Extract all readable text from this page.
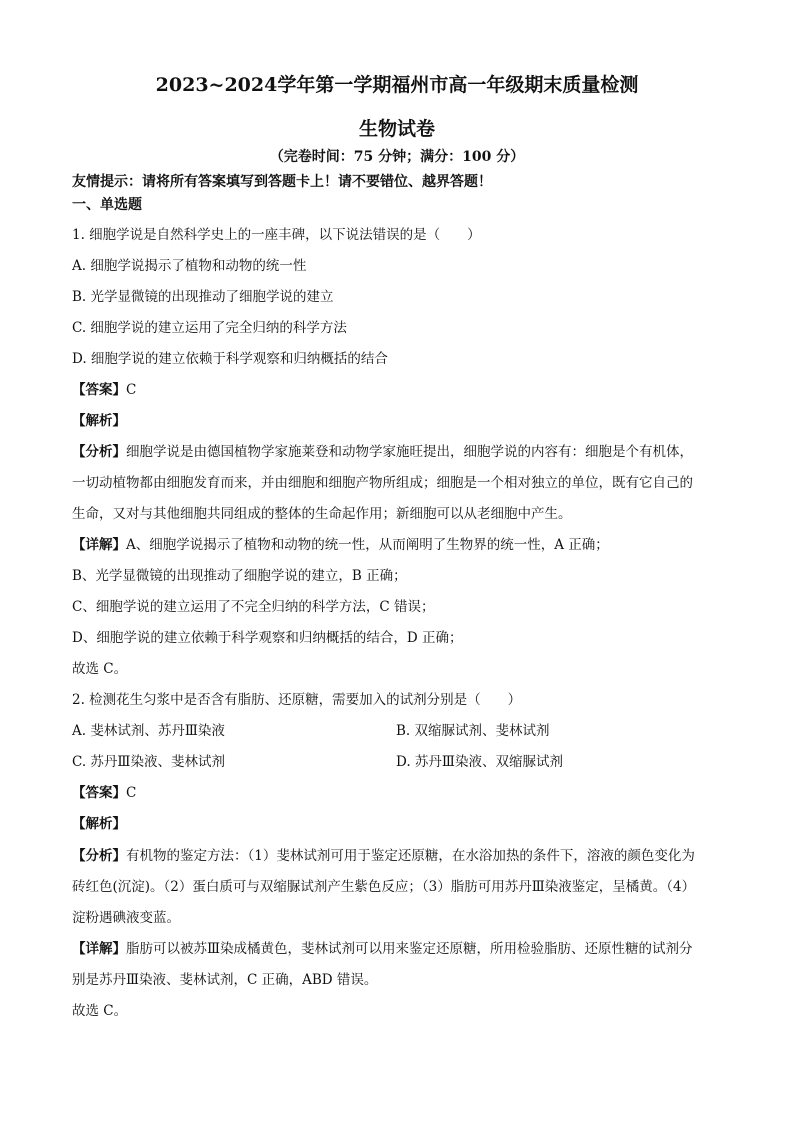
2023~2024学年第一学期福州市高一年级期末质量检测
生物试卷
（完卷时间：75 分钟；满分：100 分）
友情提示：请将所有答案填写到答题卡上！请不要错位、越界答题！
一、单选题
1. 细胞学说是自然科学史上的一座丰碑，以下说法错误的是（　　）
A. 细胞学说揭示了植物和动物的统一性
B. 光学显微镜的出现推动了细胞学说的建立
C. 细胞学说的建立运用了完全归纳的科学方法
D. 细胞学说的建立依赖于科学观察和归纳概括的结合
【答案】C
【解析】
【分析】细胞学说是由德国植物学家施莱登和动物学家施旺提出，细胞学说的内容有：细胞是个有机体，
一切动植物都由细胞发育而来，并由细胞和细胞产物所组成；细胞是一个相对独立的单位，既有它自己的
生命，又对与其他细胞共同组成的整体的生命起作用；新细胞可以从老细胞中产生。
【详解】A、细胞学说揭示了植物和动物的统一性，从而阐明了生物界的统一性，A 正确；
B、光学显微镜的出现推动了细胞学说的建立，B 正确；
C、细胞学说的建立运用了不完全归纳的科学方法，C 错误；
D、细胞学说的建立依赖于科学观察和归纳概括的结合，D 正确；
故选 C。
2. 检测花生匀浆中是否含有脂肪、还原糖，需要加入的试剂分别是（　　）
A. 斐林试剂、苏丹Ⅲ染液	B. 双缩脲试剂、斐林试剂
C. 苏丹Ⅲ染液、斐林试剂	D. 苏丹Ⅲ染液、双缩脲试剂
【答案】C
【解析】
【分析】有机物的鉴定方法：（1）斐林试剂可用于鉴定还原糖，在水浴加热的条件下，溶液的颜色变化为
砖红色(沉淀)。（2）蛋白质可与双缩脲试剂产生紫色反应；（3）脂肪可用苏丹Ⅲ染液鉴定，呈橘黄。（4）
淀粉遇碘液变蓝。
【详解】脂肪可以被苏Ⅲ染成橘黄色，斐林试剂可以用来鉴定还原糖，所用检验脂肪、还原性糖的试剂分
别是苏丹Ⅲ染液、斐林试剂，C 正确，ABD 错误。
故选 C。
